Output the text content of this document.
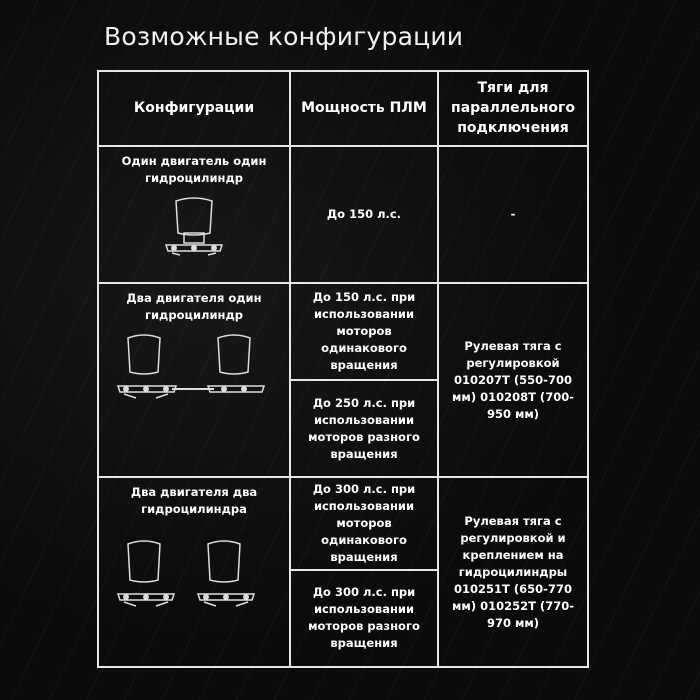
Возможные конфигурации
Конфигурации	Мощность ПЛМ	Тяги для параллельного подключения

Один двигатель один гидроцилиндр	До 150 л.с.	-

Два двигателя один гидроцилиндр	До 150 л.с. при использовании моторов одинакового вращения	Рулевая тяга с регулировкой 010207Т (550-700 мм) 010208Т (700-950 мм)
	До 250 л.с. при использовании моторов разного вращения	

Два двигателя два гидроцилиндра	До 300 л.с. при использовании моторов одинакового вращения	Рулевая тяга с регулировкой и креплением на гидроцилиндры 010251Т (650-770 мм) 010252Т (770-970 мм)
	До 300 л.с. при использовании моторов разного вращения	
